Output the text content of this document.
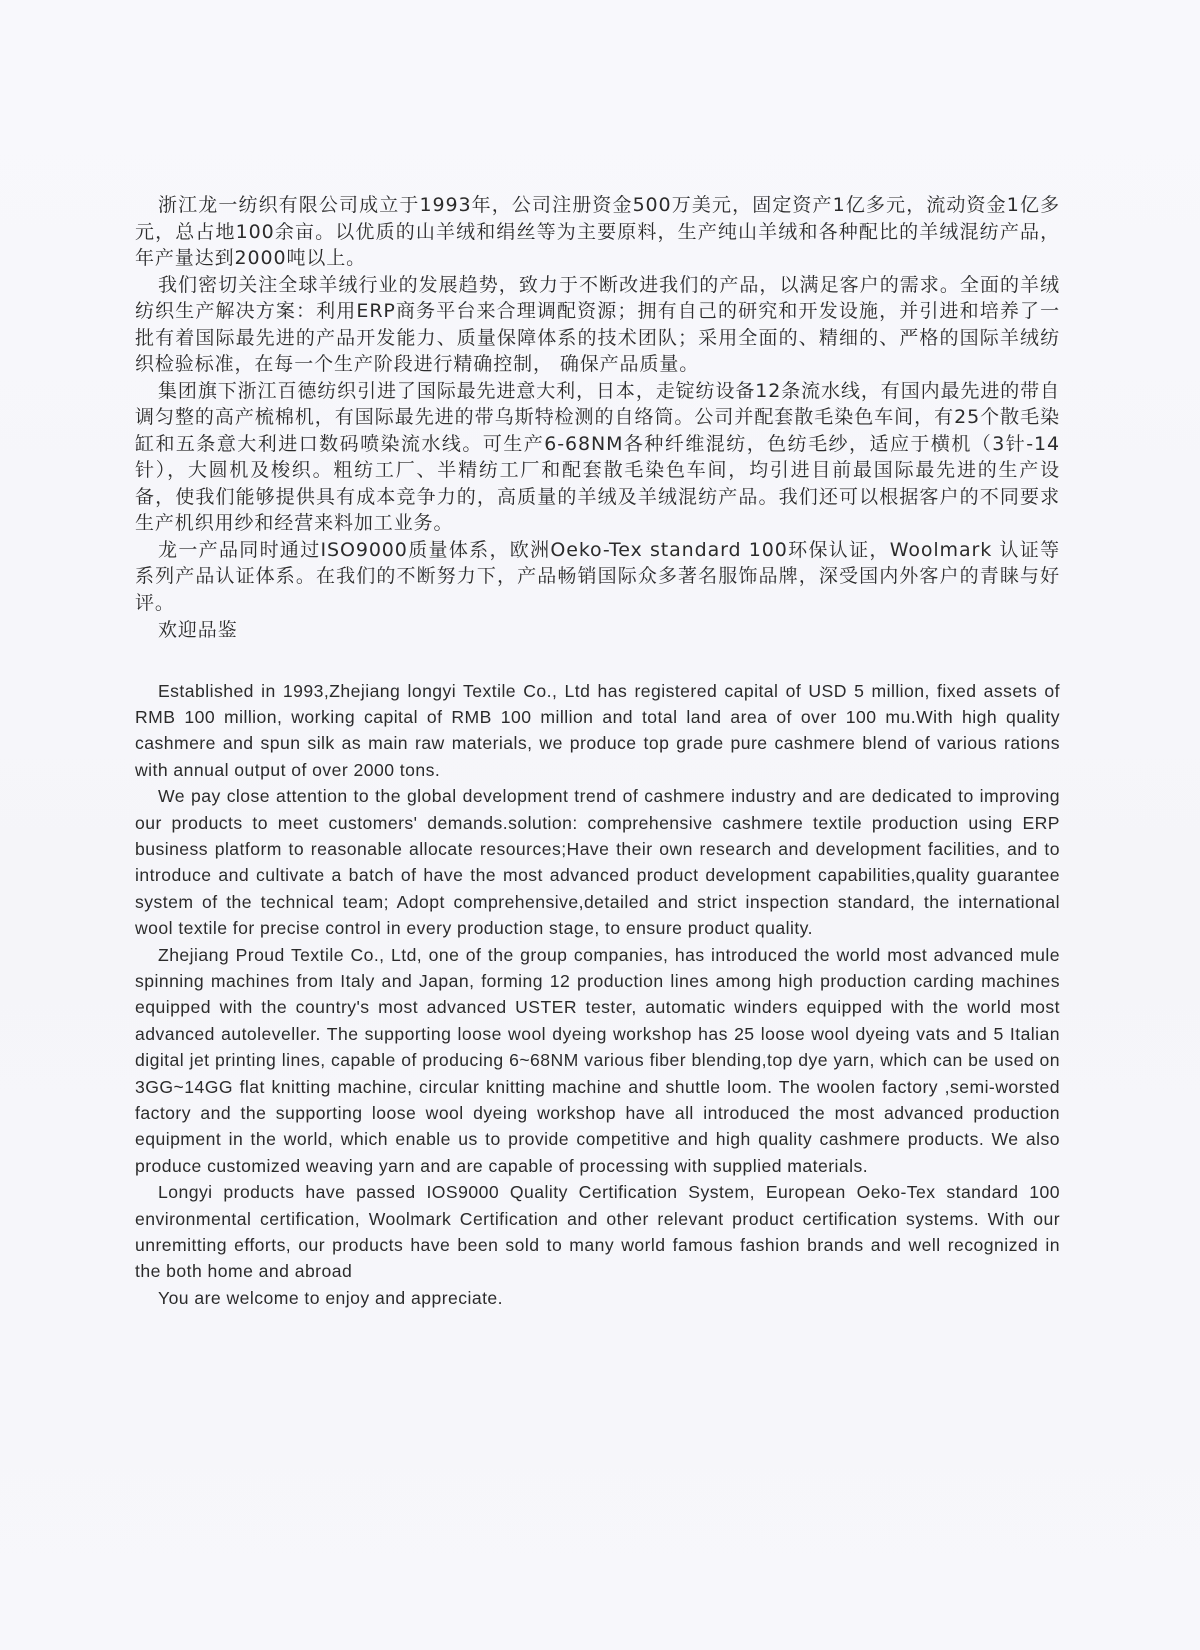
浙江龙一纺织有限公司成立于1993年，公司注册资金500万美元，固定资产1亿多元，流动资金1亿多元，总占地100余亩。以优质的山羊绒和绢丝等为主要原料，生产纯山羊绒和各种配比的羊绒混纺产品，年产量达到2000吨以上。

我们密切关注全球羊绒行业的发展趋势，致力于不断改进我们的产品，以满足客户的需求。全面的羊绒纺织生产解决方案：利用ERP商务平台来合理调配资源；拥有自己的研究和开发设施，并引进和培养了一批有着国际最先进的产品开发能力、质量保障体系的技术团队；采用全面的、精细的、严格的国际羊绒纺织检验标准，在每一个生产阶段进行精确控制， 确保产品质量。

集团旗下浙江百德纺织引进了国际最先进意大利，日本，走锭纺设备12条流水线，有国内最先进的带自调匀整的高产梳棉机，有国际最先进的带乌斯特检测的自络筒。公司并配套散毛染色车间，有25个散毛染缸和五条意大利进口数码喷染流水线。可生产6-68NM各种纤维混纺，色纺毛纱，适应于横机（3针-14针），大圆机及梭织。粗纺工厂、半精纺工厂和配套散毛染色车间，均引进目前最国际最先进的生产设备，使我们能够提供具有成本竞争力的，高质量的羊绒及羊绒混纺产品。我们还可以根据客户的不同要求生产机织用纱和经营来料加工业务。

龙一产品同时通过ISO9000质量体系，欧洲Oeko-Tex standard 100环保认证，Woolmark 认证等系列产品认证体系。在我们的不断努力下，产品畅销国际众多著名服饰品牌，深受国内外客户的青睐与好评。

欢迎品鉴

Established in 1993,Zhejiang longyi Textile Co., Ltd has registered capital of USD 5 million, fixed assets of RMB 100 million, working capital of RMB 100 million and total land area of over 100 mu.With high quality cashmere and spun silk as main raw materials, we produce top grade pure cashmere blend of various rations with annual output of over 2000 tons.

We pay close attention to the global development trend of cashmere industry and are dedicated to improving our products to meet customers' demands.solution: comprehensive cashmere textile production using ERP business platform to reasonable allocate resources;Have their own research and development facilities, and to introduce and cultivate a batch of have the most advanced product development capabilities,quality guarantee system of the technical team; Adopt comprehensive,detailed and strict inspection standard, the international wool textile for precise control in every production stage, to ensure product quality.

Zhejiang Proud Textile Co., Ltd, one of the group companies, has introduced the world most advanced mule spinning machines from Italy and Japan, forming 12 production lines among high production carding machines equipped with the country's most advanced USTER tester, automatic winders equipped with the world most advanced autoleveller. The supporting loose wool dyeing workshop has 25 loose wool dyeing vats and 5 Italian digital jet printing lines, capable of producing 6~68NM various fiber blending,top dye yarn, which can be used on 3GG~14GG flat knitting machine, circular knitting machine and shuttle loom. The woolen factory ,semi-worsted factory and the supporting loose wool dyeing workshop have all introduced the most advanced production equipment in the world, which enable us to provide competitive and high quality cashmere products. We also produce customized weaving yarn and are capable of processing with supplied materials.

Longyi products have passed IOS9000 Quality Certification System, European Oeko-Tex standard 100 environmental certification, Woolmark Certification and other relevant product certification systems. With our unremitting efforts, our products have been sold to many world famous fashion brands and well recognized in the both home and abroad

You are welcome to enjoy and appreciate.
